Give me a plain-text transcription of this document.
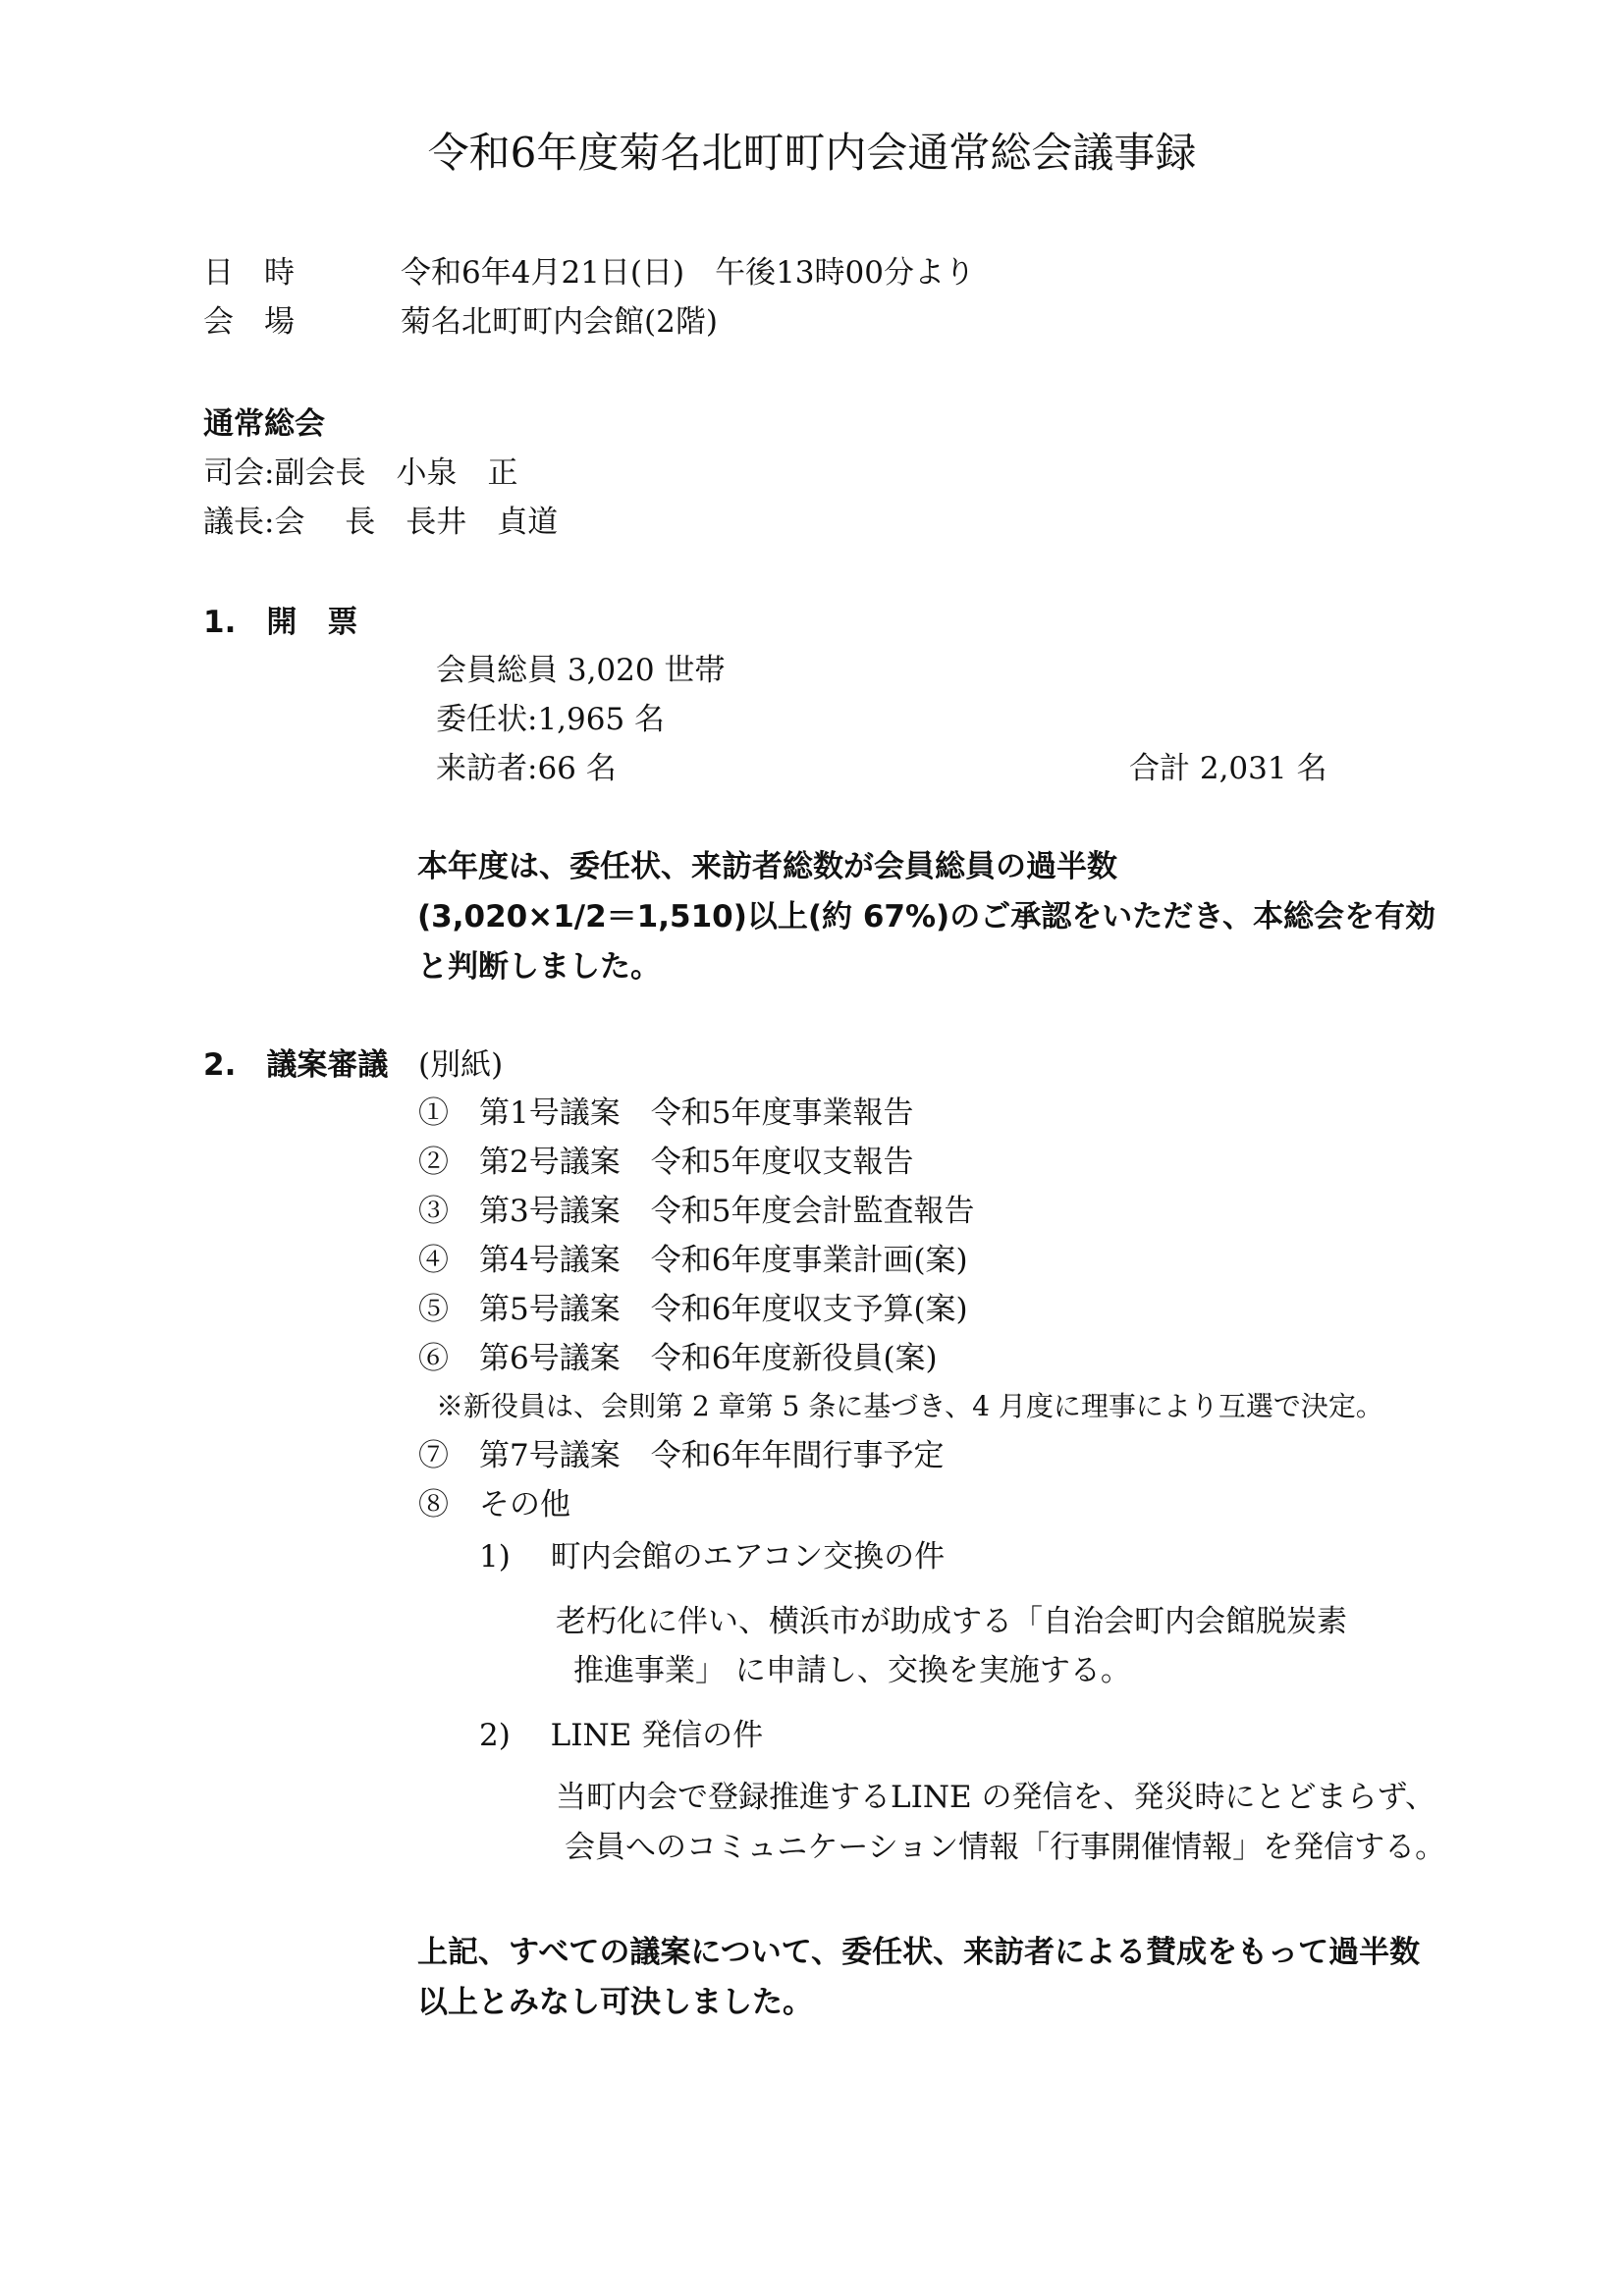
令和6年度菊名北町町内会通常総会議事録
日　時	令和6年4月21日(日)　午後13時00分より
会　場	菊名北町町内会館(2階)
通常総会
司会:副会長　小泉　正
議長:会　 長　長井　貞道
1.　開　票
会員総員 3,020 世帯
委任状:1,965 名
来訪者:66 名	合計 2,031 名
本年度は、委任状、来訪者総数が会員総員の過半数
(3,020×1/2＝1,510)以上(約 67%)のご承認をいただき、本総会を有効
と判断しました。
2.　議案審議 (別紙)
①　第1号議案　令和5年度事業報告
②　第2号議案　令和5年度収支報告
③　第3号議案　令和5年度会計監査報告
④　第4号議案　令和6年度事業計画(案)
⑤　第5号議案　令和6年度収支予算(案)
⑥　第6号議案　令和6年度新役員(案)
※新役員は、会則第 2 章第 5 条に基づき、4 月度に理事により互選で決定。
⑦　第7号議案　令和6年年間行事予定
⑧　その他
1)　 町内会館のエアコン交換の件
老朽化に伴い、横浜市が助成する「自治会町内会館脱炭素
推進事業」 に申請し、交換を実施する。
2)　 LINE 発信の件
当町内会で登録推進するLINE の発信を、発災時にとどまらず、
会員へのコミュニケーション情報「行事開催情報」を発信する。
上記、すべての議案について、委任状、来訪者による賛成をもって過半数
以上とみなし可決しました。
